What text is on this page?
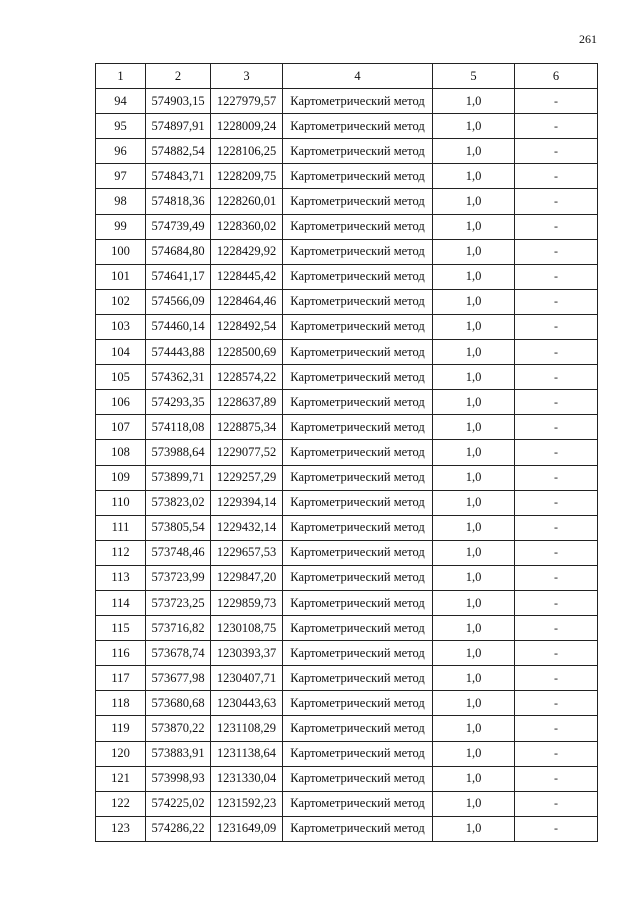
261
1	2	3	4	5	6
94	574903,15	1227979,57	Картометрический метод	1,0	-
95	574897,91	1228009,24	Картометрический метод	1,0	-
96	574882,54	1228106,25	Картометрический метод	1,0	-
97	574843,71	1228209,75	Картометрический метод	1,0	-
98	574818,36	1228260,01	Картометрический метод	1,0	-
99	574739,49	1228360,02	Картометрический метод	1,0	-
100	574684,80	1228429,92	Картометрический метод	1,0	-
101	574641,17	1228445,42	Картометрический метод	1,0	-
102	574566,09	1228464,46	Картометрический метод	1,0	-
103	574460,14	1228492,54	Картометрический метод	1,0	-
104	574443,88	1228500,69	Картометрический метод	1,0	-
105	574362,31	1228574,22	Картометрический метод	1,0	-
106	574293,35	1228637,89	Картометрический метод	1,0	-
107	574118,08	1228875,34	Картометрический метод	1,0	-
108	573988,64	1229077,52	Картометрический метод	1,0	-
109	573899,71	1229257,29	Картометрический метод	1,0	-
110	573823,02	1229394,14	Картометрический метод	1,0	-
111	573805,54	1229432,14	Картометрический метод	1,0	-
112	573748,46	1229657,53	Картометрический метод	1,0	-
113	573723,99	1229847,20	Картометрический метод	1,0	-
114	573723,25	1229859,73	Картометрический метод	1,0	-
115	573716,82	1230108,75	Картометрический метод	1,0	-
116	573678,74	1230393,37	Картометрический метод	1,0	-
117	573677,98	1230407,71	Картометрический метод	1,0	-
118	573680,68	1230443,63	Картометрический метод	1,0	-
119	573870,22	1231108,29	Картометрический метод	1,0	-
120	573883,91	1231138,64	Картометрический метод	1,0	-
121	573998,93	1231330,04	Картометрический метод	1,0	-
122	574225,02	1231592,23	Картометрический метод	1,0	-
123	574286,22	1231649,09	Картометрический метод	1,0	-
